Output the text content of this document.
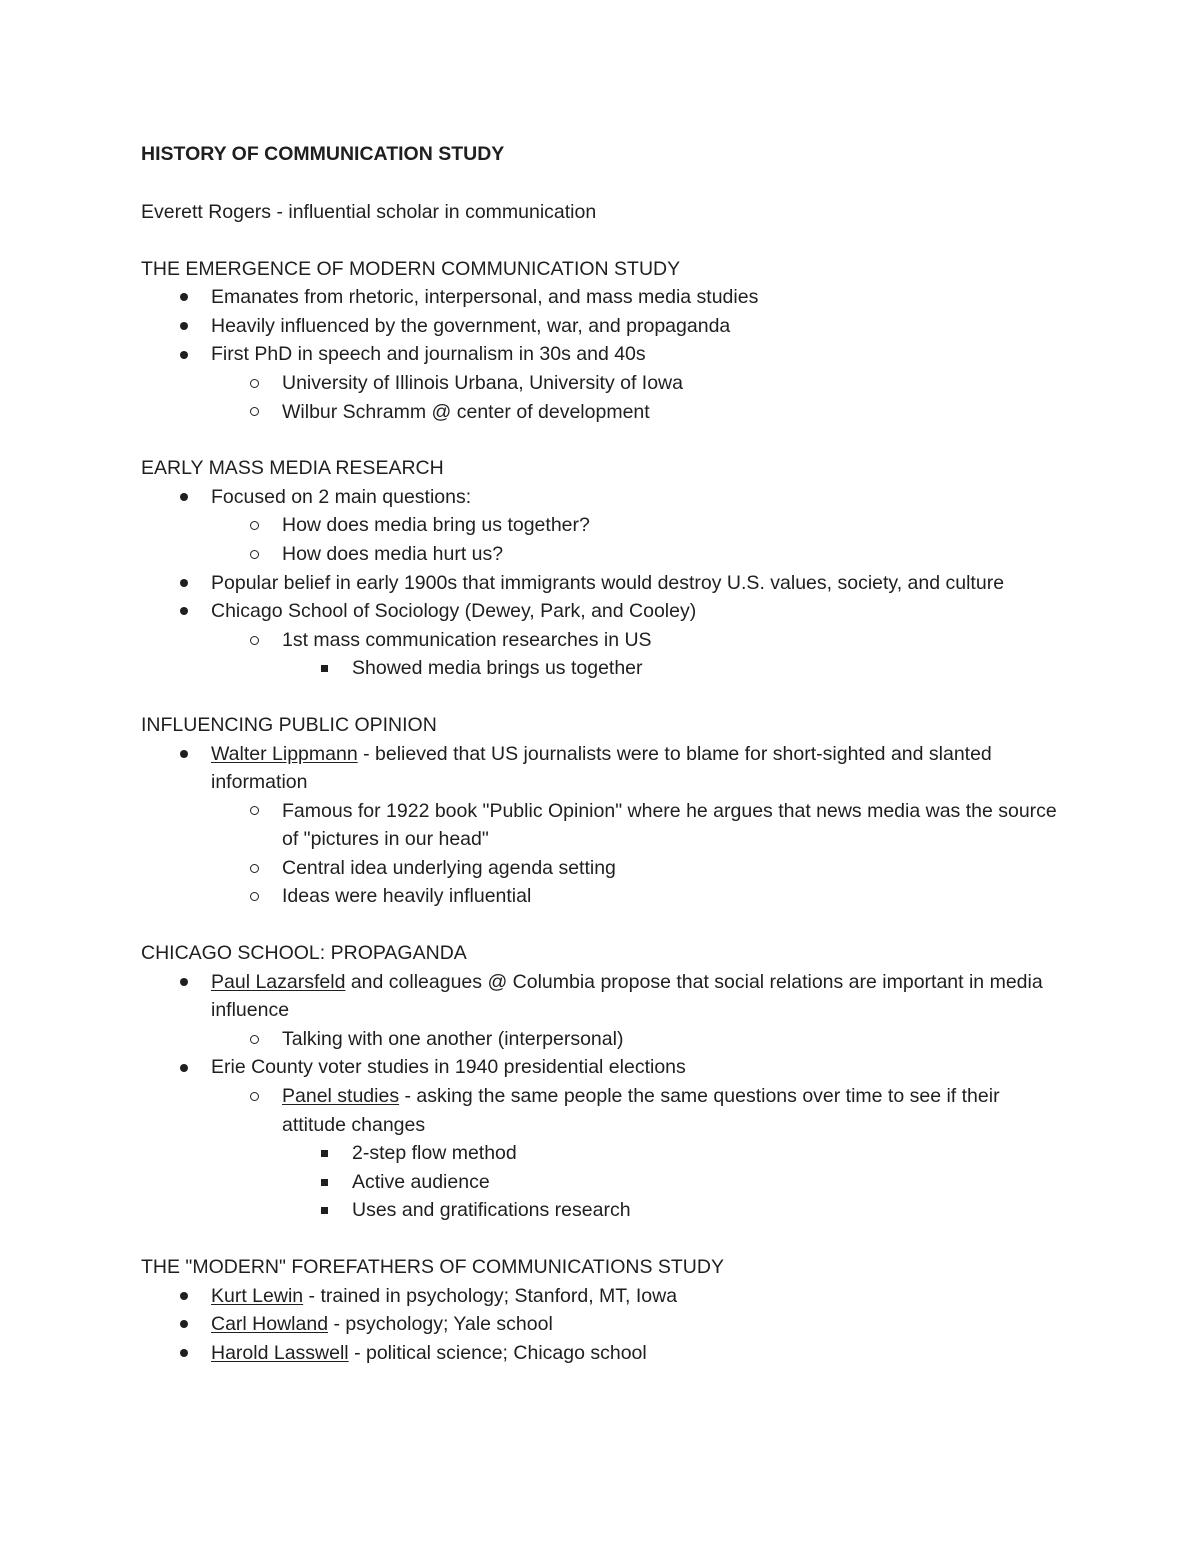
HISTORY OF COMMUNICATION STUDY

Everett Rogers - influential scholar in communication

THE EMERGENCE OF MODERN COMMUNICATION STUDY

Emanates from rhetoric, interpersonal, and mass media studies
Heavily influenced by the government, war, and propaganda
First PhD in speech and journalism in 30s and 40s
University of Illinois Urbana, University of Iowa
Wilbur Schramm @ center of development

EARLY MASS MEDIA RESEARCH

Focused on 2 main questions:
How does media bring us together?
How does media hurt us?
Popular belief in early 1900s that immigrants would destroy U.S. values, society, and culture
Chicago School of Sociology (Dewey, Park, and Cooley)
1st mass communication researches in US
Showed media brings us together

INFLUENCING PUBLIC OPINION

Walter Lippmann - believed that US journalists were to blame for short-sighted and slanted information
Famous for 1922 book "Public Opinion" where he argues that news media was the source of "pictures in our head"
Central idea underlying agenda setting
Ideas were heavily influential

CHICAGO SCHOOL: PROPAGANDA

Paul Lazarsfeld and colleagues @ Columbia propose that social relations are important in media influence
Talking with one another (interpersonal)
Erie County voter studies in 1940 presidential elections
Panel studies - asking the same people the same questions over time to see if their attitude changes
2-step flow method
Active audience
Uses and gratifications research

THE "MODERN" FOREFATHERS OF COMMUNICATIONS STUDY

Kurt Lewin - trained in psychology; Stanford, MT, Iowa
Carl Howland - psychology; Yale school
Harold Lasswell - political science; Chicago school
